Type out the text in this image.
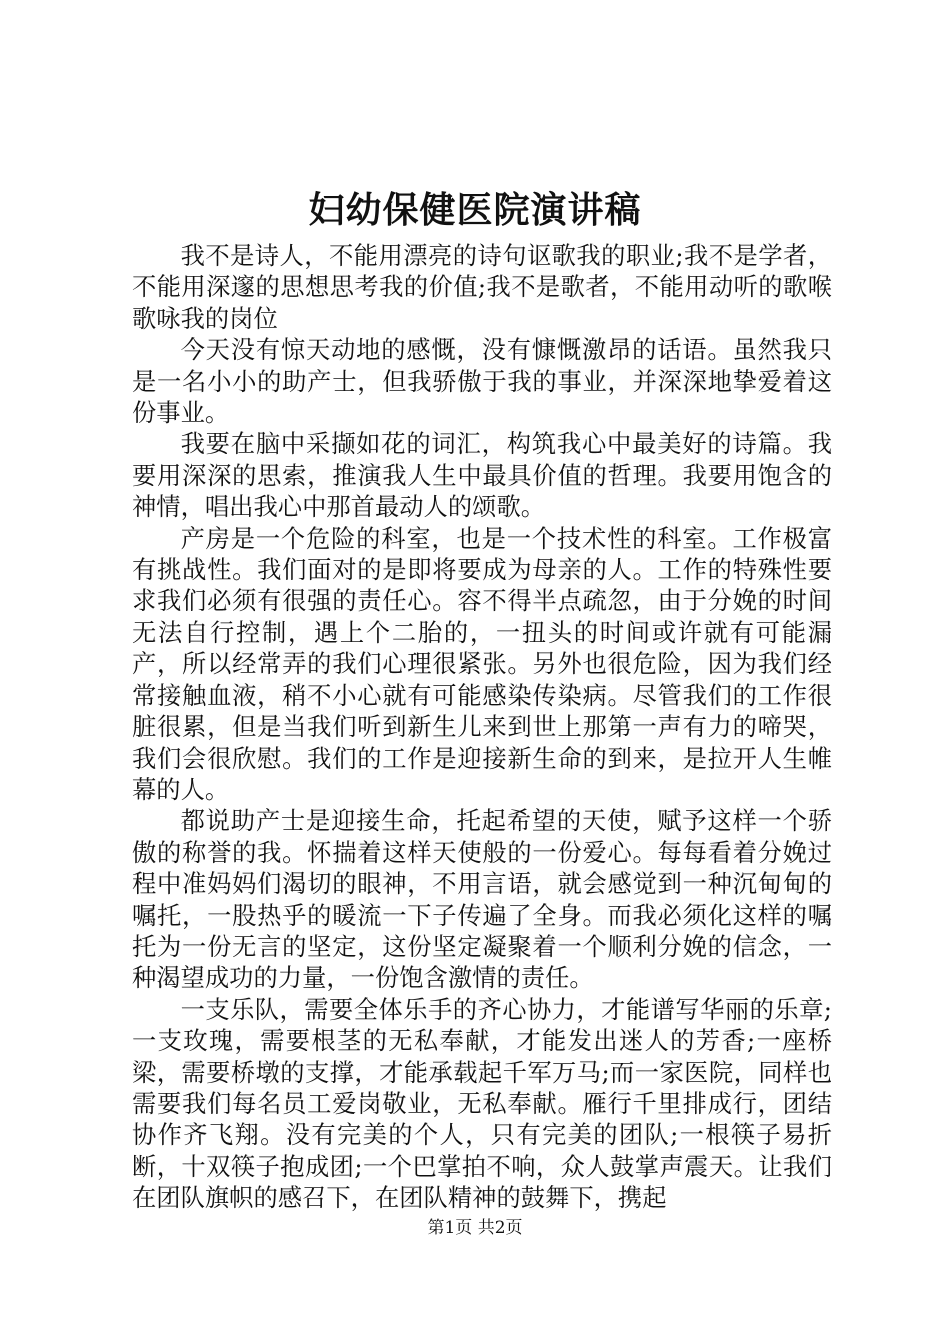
妇幼保健医院演讲稿

我不是诗人，不能用漂亮的诗句讴歌我的职业;我不是学者，不能用深邃的思想思考我的价值;我不是歌者，不能用动听的歌喉歌咏我的岗位

今天没有惊天动地的感慨，没有慷慨激昂的话语。虽然我只是一名小小的助产士，但我骄傲于我的事业，并深深地挚爱着这份事业。

我要在脑中采撷如花的词汇，构筑我心中最美好的诗篇。我要用深深的思索，推演我人生中最具价值的哲理。我要用饱含的神情，唱出我心中那首最动人的颂歌。

产房是一个危险的科室，也是一个技术性的科室。工作极富有挑战性。我们面对的是即将要成为母亲的人。工作的特殊性要求我们必须有很强的责任心。容不得半点疏忽，由于分娩的时间无法自行控制，遇上个二胎的，一扭头的时间或许就有可能漏产，所以经常弄的我们心理很紧张。另外也很危险，因为我们经常接触血液，稍不小心就有可能感染传染病。尽管我们的工作很脏很累，但是当我们听到新生儿来到世上那第一声有力的啼哭，我们会很欣慰。我们的工作是迎接新生命的到来，是拉开人生帷幕的人。

都说助产士是迎接生命，托起希望的天使，赋予这样一个骄傲的称誉的我。怀揣着这样天使般的一份爱心。每每看着分娩过程中准妈妈们渴切的眼神，不用言语，就会感觉到一种沉甸甸的嘱托，一股热乎的暖流一下子传遍了全身。而我必须化这样的嘱托为一份无言的坚定，这份坚定凝聚着一个顺利分娩的信念，一种渴望成功的力量，一份饱含激情的责任。

一支乐队，需要全体乐手的齐心协力，才能谱写华丽的乐章;一支玫瑰，需要根茎的无私奉献，才能发出迷人的芳香;一座桥梁，需要桥墩的支撑，才能承载起千军万马;而一家医院，同样也需要我们每名员工爱岗敬业，无私奉献。雁行千里排成行，团结协作齐飞翔。没有完美的个人，只有完美的团队;一根筷子易折断，十双筷子抱成团;一个巴掌拍不响，众人鼓掌声震天。让我们在团队旗帜的感召下，在团队精神的鼓舞下，携起

第1页 共2页
